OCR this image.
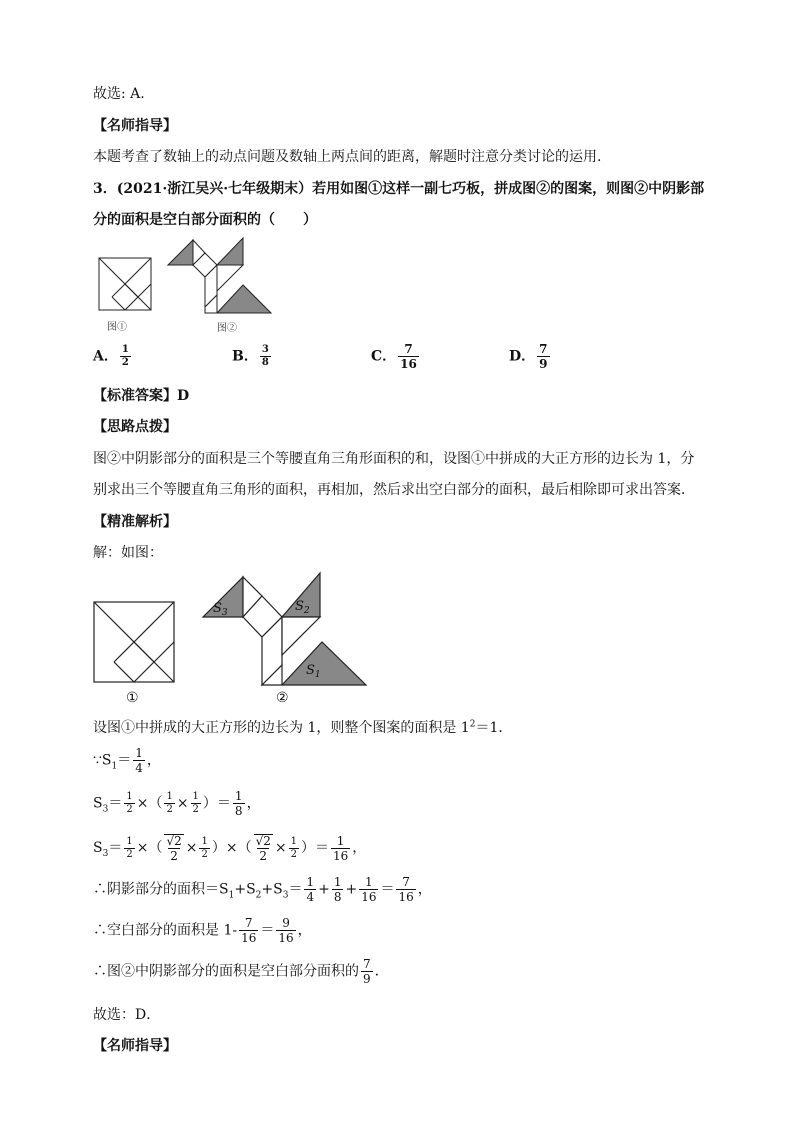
故选: A.
【名师指导】
本题考查了数轴上的动点问题及数轴上两点间的距离，解题时注意分类讨论的运用.
3．(2021·浙江吴兴·七年级期末）若用如图①这样一副七巧板，拼成图②的图案，则图②中阴影部
分的面积是空白部分面积的（　　）
图①	图②
A． $\frac{1}{2}$	B． $\frac{3}{8}$	C． $\frac{7}{16}$	D． $\frac{7}{9}$
【标准答案】D
【思路点拨】
图②中阴影部分的面积是三个等腰直角三角形面积的和，设图①中拼成的大正方形的边长为 1，分
别求出三个等腰直角三角形的面积，再相加，然后求出空白部分的面积，最后相除即可求出答案．
【精准解析】
解：如图：
①
$S_3$	$S_2$
$S_1$
②
设图①中拼成的大正方形的边长为 1，则整个图案的面积是 $1^2=1$．
$\because S_1= \frac{1}{4}$ ，
$S_3= \frac{1}{2}$ ×（ $\frac{1}{2} \times \frac{1}{2}$ ）＝ $\frac{1}{8}$ ，
$S_3= \frac{1}{2}$ ×（ $\frac{√2}{2} \times \frac{1}{2}$ ）×（ $\frac{√2}{2} \times \frac{1}{2}$ ）＝ $\frac{1}{16}$ ，
∴阴影部分的面积$=S_1+S_2+S_3= \frac{1}{4} + \frac{1}{8} + \frac{1}{16} = \frac{7}{16}$ ，
∴空白部分的面积是 $1- \frac{7}{16} = \frac{9}{16}$ ，
∴图②中阴影部分的面积是空白部分面积的 $\frac{7}{9}$ ．
故选：D．
【名师指导】
